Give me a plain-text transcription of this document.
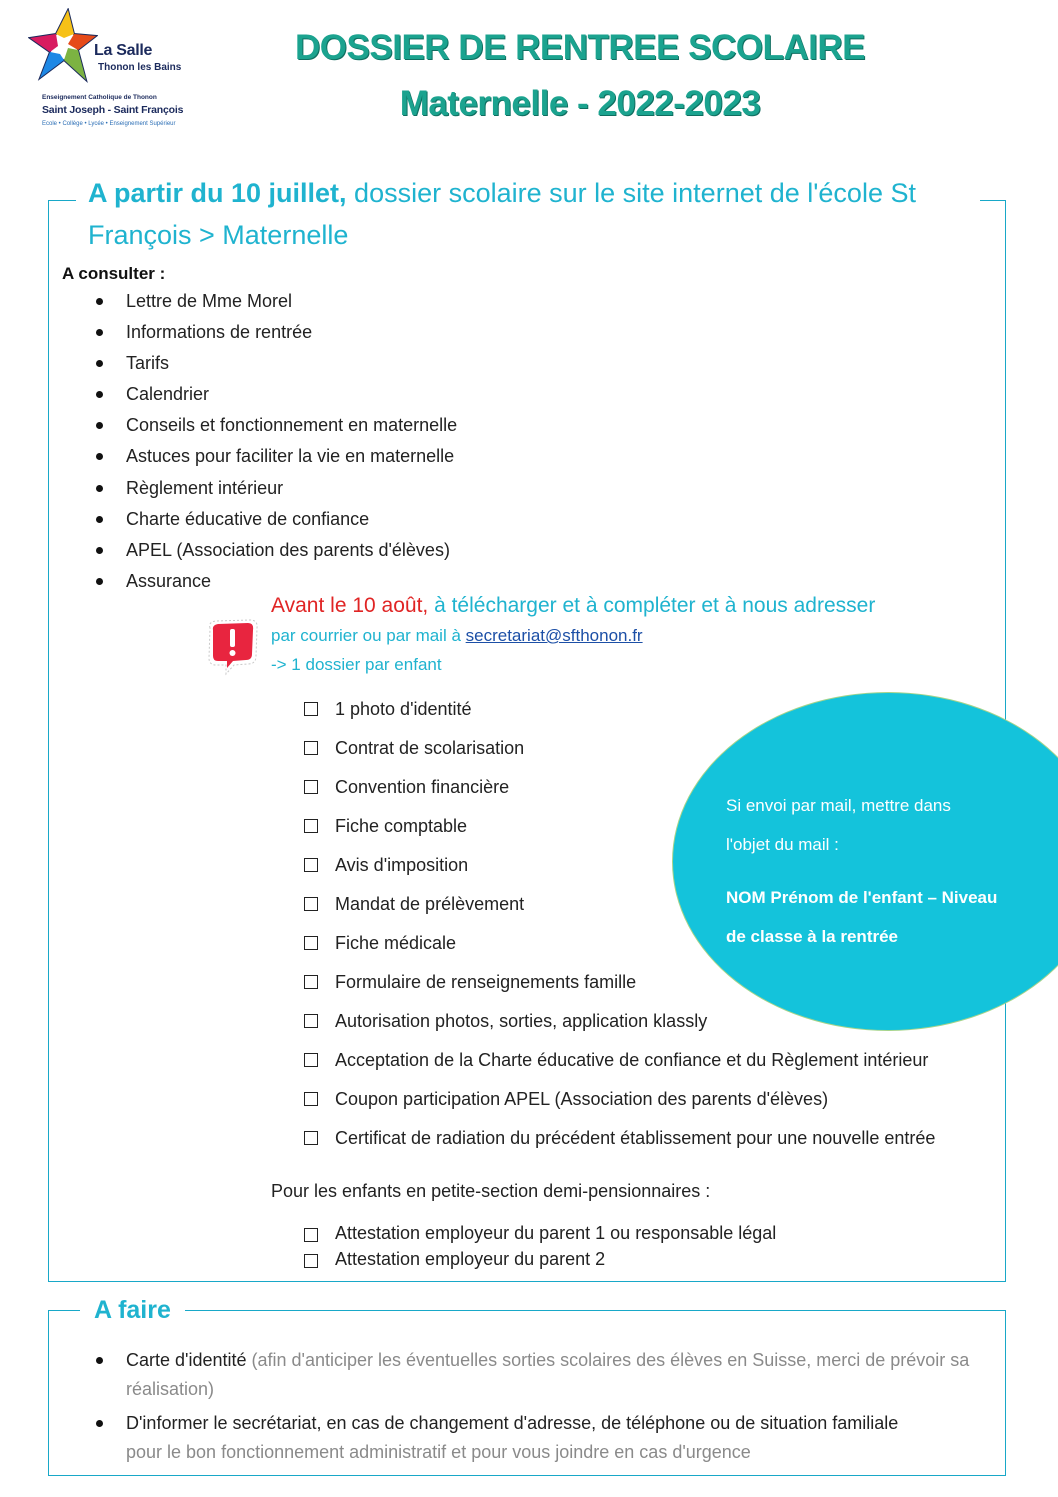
La Salle
Thonon les Bains
Enseignement Catholique de Thonon
Saint Joseph - Saint François
Ecole • Collège • Lycée • Enseignement Supérieur
DOSSIER DE RENTREE SCOLAIRE
Maternelle - 2022-2023
A partir du 10 juillet, dossier scolaire sur le site internet de l'école St François > Maternelle
A consulter :
Lettre de Mme Morel
Informations de rentrée
Tarifs
Calendrier
Conseils et fonctionnement en maternelle
Astuces pour faciliter la vie en maternelle
Règlement intérieur
Charte éducative de confiance
APEL (Association des parents d'élèves)
Assurance
Avant le 10 août, à télécharger et à compléter et à nous adresser
par courrier ou par mail à secretariat@sfthonon.fr
-> 1 dossier par enfant
1 photo d'identité
Contrat de scolarisation
Convention financière
Fiche comptable
Avis d'imposition
Mandat de prélèvement
Fiche médicale
Formulaire de renseignements famille
Autorisation photos, sorties, application klassly
Acceptation de la Charte éducative de confiance et du Règlement intérieur
Coupon participation APEL (Association des parents d'élèves)
Certificat de radiation du précédent établissement pour une nouvelle entrée
Si envoi par mail, mettre dans
l'objet du mail :
NOM Prénom de l'enfant – Niveau
de classe à la rentrée
Pour les enfants en petite-section demi-pensionnaires :
Attestation employeur du parent 1 ou responsable légal
Attestation employeur du parent 2
A faire
Carte d'identité (afin d'anticiper les éventuelles sorties scolaires des élèves en Suisse, merci de prévoir sa réalisation)
D'informer le secrétariat, en cas de changement d'adresse, de téléphone ou de situation familiale
pour le bon fonctionnement administratif et pour vous joindre en cas d'urgence
